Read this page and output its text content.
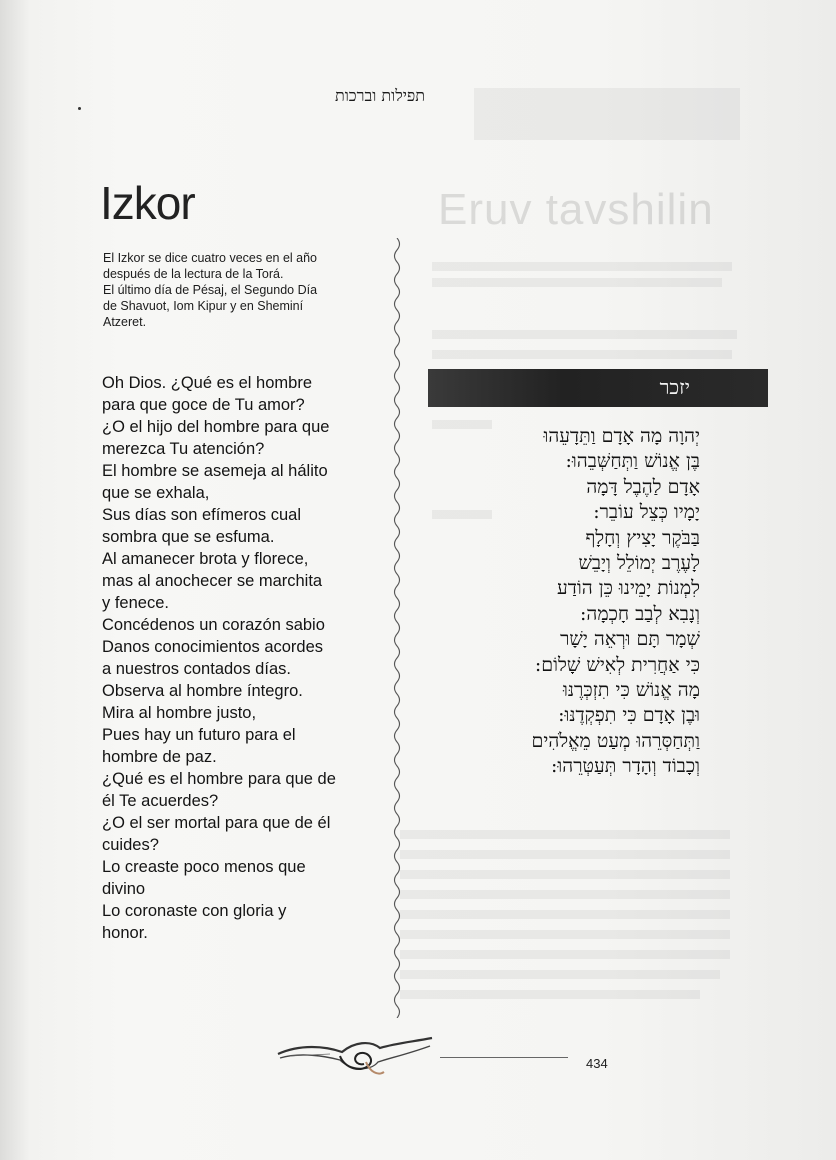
Eruv tavshilin
תפילות וברכות
Izkor
El Izkor se dice cuatro veces en el año
después de la lectura de la Torá.
El último día de Pésaj, el Segundo Día
de Shavuot, Iom Kipur y en Sheminí
Atzeret.
Oh Dios. ¿Qué es el hombre
para que goce de Tu amor?
¿O el hijo del hombre para que
merezca Tu atención?
El hombre se asemeja al hálito
que se exhala,
Sus días son efímeros cual
sombra que se esfuma.
Al amanecer brota y florece,
mas al anochecer se marchita
y fenece.
Concédenos un corazón sabio
Danos conocimientos acordes
a nuestros contados días.
Observa al hombre íntegro.
Mira al hombre justo,
Pues hay un futuro para el
hombre de paz.
¿Qué es el hombre para que de
él Te acuerdes?
¿O el ser mortal para que de él
cuides?
Lo creaste poco menos que
divino
Lo coronaste con gloria y
honor.
יזכר
יְהוָה מָה אָדָם וַתֵּדָעֵהוּ
בֶּן אֱנוֹשׁ וַתְּחַשְּׁבֵהוּ:
אָדָם לַהֶבֶל דָּמָה
יָמָיו כְּצֵל עוֹבֵר:
בַּבֹּקֶר יָצִיץ וְחָלָף
לָעֶרֶב יְמוֹלֵל וְיָבֵשׁ
לִמְנוֹת יָמֵינוּ כֵּן הוֹדַע
וְנָבִא לְבַב חָכְמָה:
שְׁמָר תָּם וּרְאֵה יָשָׁר
כִּי אַחֲרִית לְאִישׁ שָׁלוֹם:
מָה אֱנוֹשׁ כִּי תִזְכְּרֶנּוּ
וּבֶן אָדָם כִּי תִפְקְדֶנּוּ:
וַתְּחַסְּרֵהוּ מְעַט מֵאֱלֹהִים
וְכָבוֹד וְהָדָר תְּעַטְּרֵהוּ:
434
